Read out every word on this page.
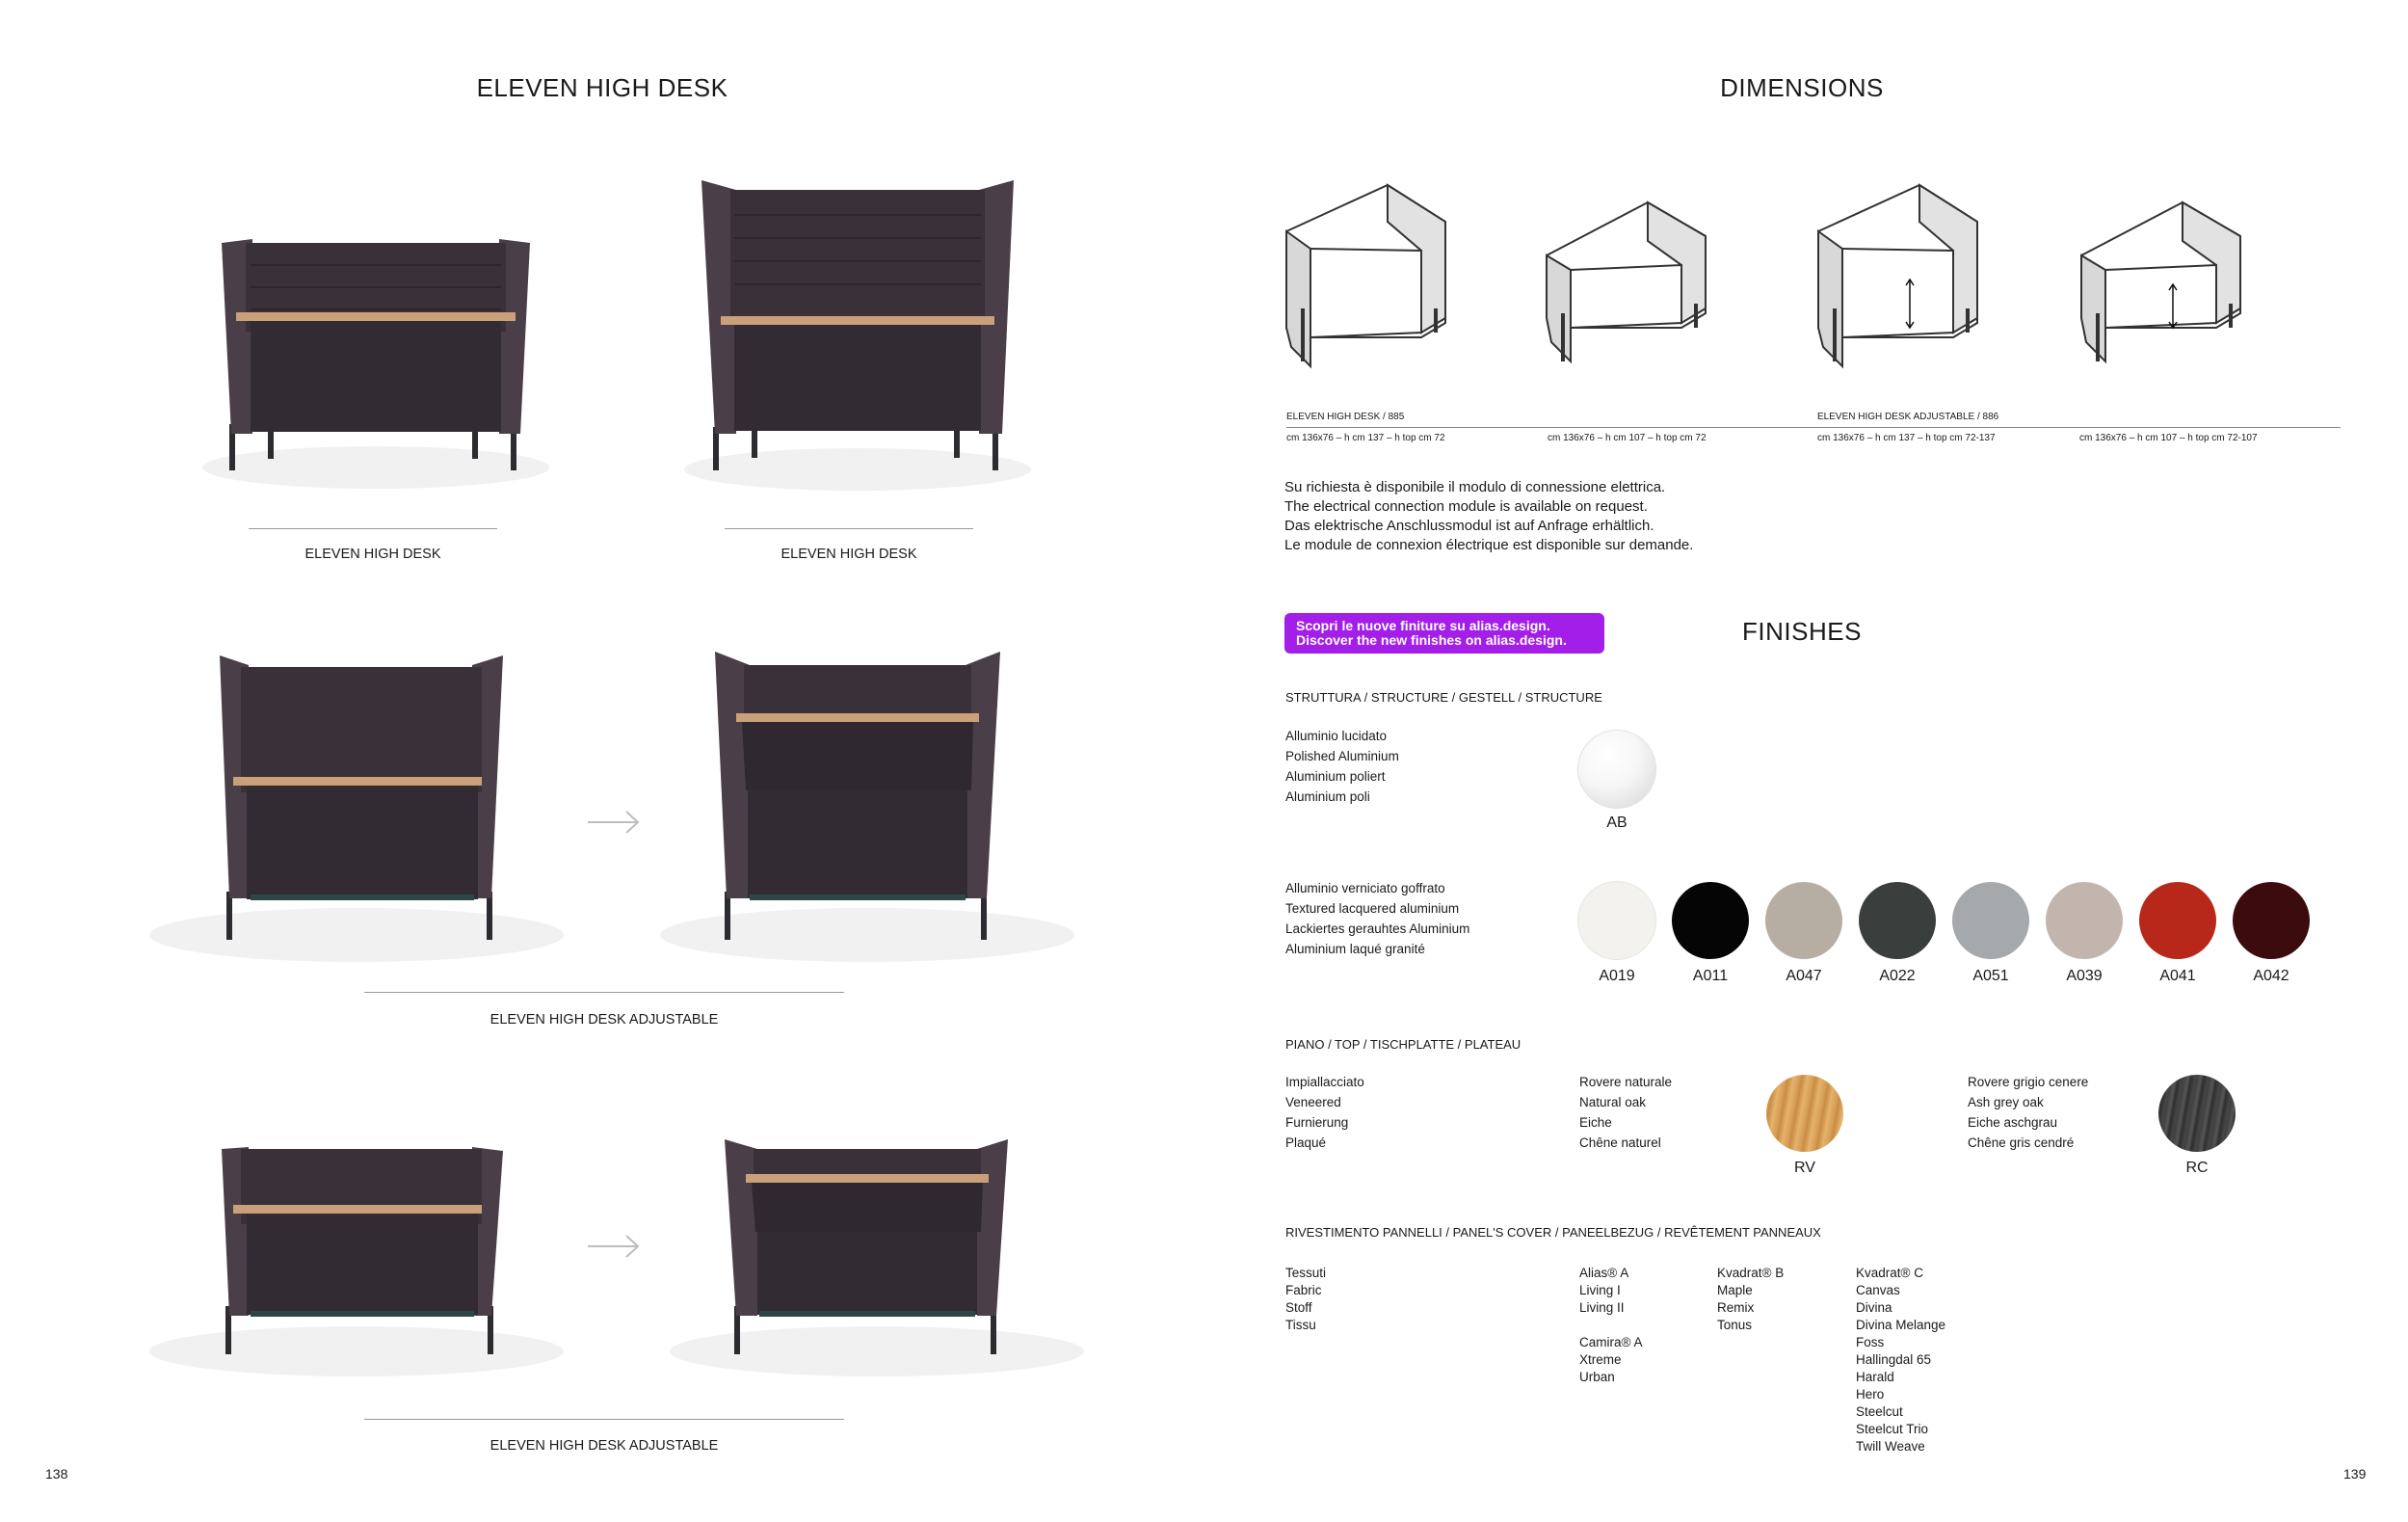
ELEVEN HIGH DESK
ELEVEN HIGH DESK	ELEVEN HIGH DESK
ELEVEN HIGH DESK ADJUSTABLE
ELEVEN HIGH DESK ADJUSTABLE
138
DIMENSIONS
ELEVEN HIGH DESK / 885	ELEVEN HIGH DESK ADJUSTABLE / 886
cm 136x76 – h cm 137 – h top cm 72	cm 136x76 – h cm 107 – h top cm 72	cm 136x76 – h cm 137 – h top cm 72-137	cm 136x76 – h cm 107 – h top cm 72-107
Su richiesta è disponibile il modulo di connessione elettrica.
The electrical connection module is available on request.
Das elektrische Anschlussmodul ist auf Anfrage erhältlich.
Le module de connexion électrique est disponible sur demande.
Scopri le nuove finiture su alias.design.
Discover the new finishes on alias.design.	FINISHES
STRUTTURA / STRUCTURE / GESTELL / STRUCTURE
Alluminio lucidato
Polished Aluminium
Aluminium poliert
Aluminium poli
AB
Alluminio verniciato goffrato
Textured lacquered aluminium
Lackiertes gerauhtes Aluminium
Aluminium laqué granité
A019	A011	A047	A022	A051	A039	A041	A042
PIANO / TOP / TISCHPLATTE / PLATEAU
Impiallacciato
Veneered
Furnierung
Plaqué
Rovere naturale
Natural oak
Eiche
Chêne naturel
RV
Rovere grigio cenere
Ash grey oak
Eiche aschgrau
Chêne gris cendré
RC
RIVESTIMENTO PANNELLI / PANEL'S COVER / PANEELBEZUG / REVÊTEMENT PANNEAUX
Tessuti
Fabric
Stoff
Tissu
Alias® A
Living I
Living II
Camira® A
Xtreme
Urban
Kvadrat® B
Maple
Remix
Tonus
Kvadrat® C
Canvas
Divina
Divina Melange
Foss
Hallingdal 65
Harald
Hero
Steelcut
Steelcut Trio
Twill Weave
139
